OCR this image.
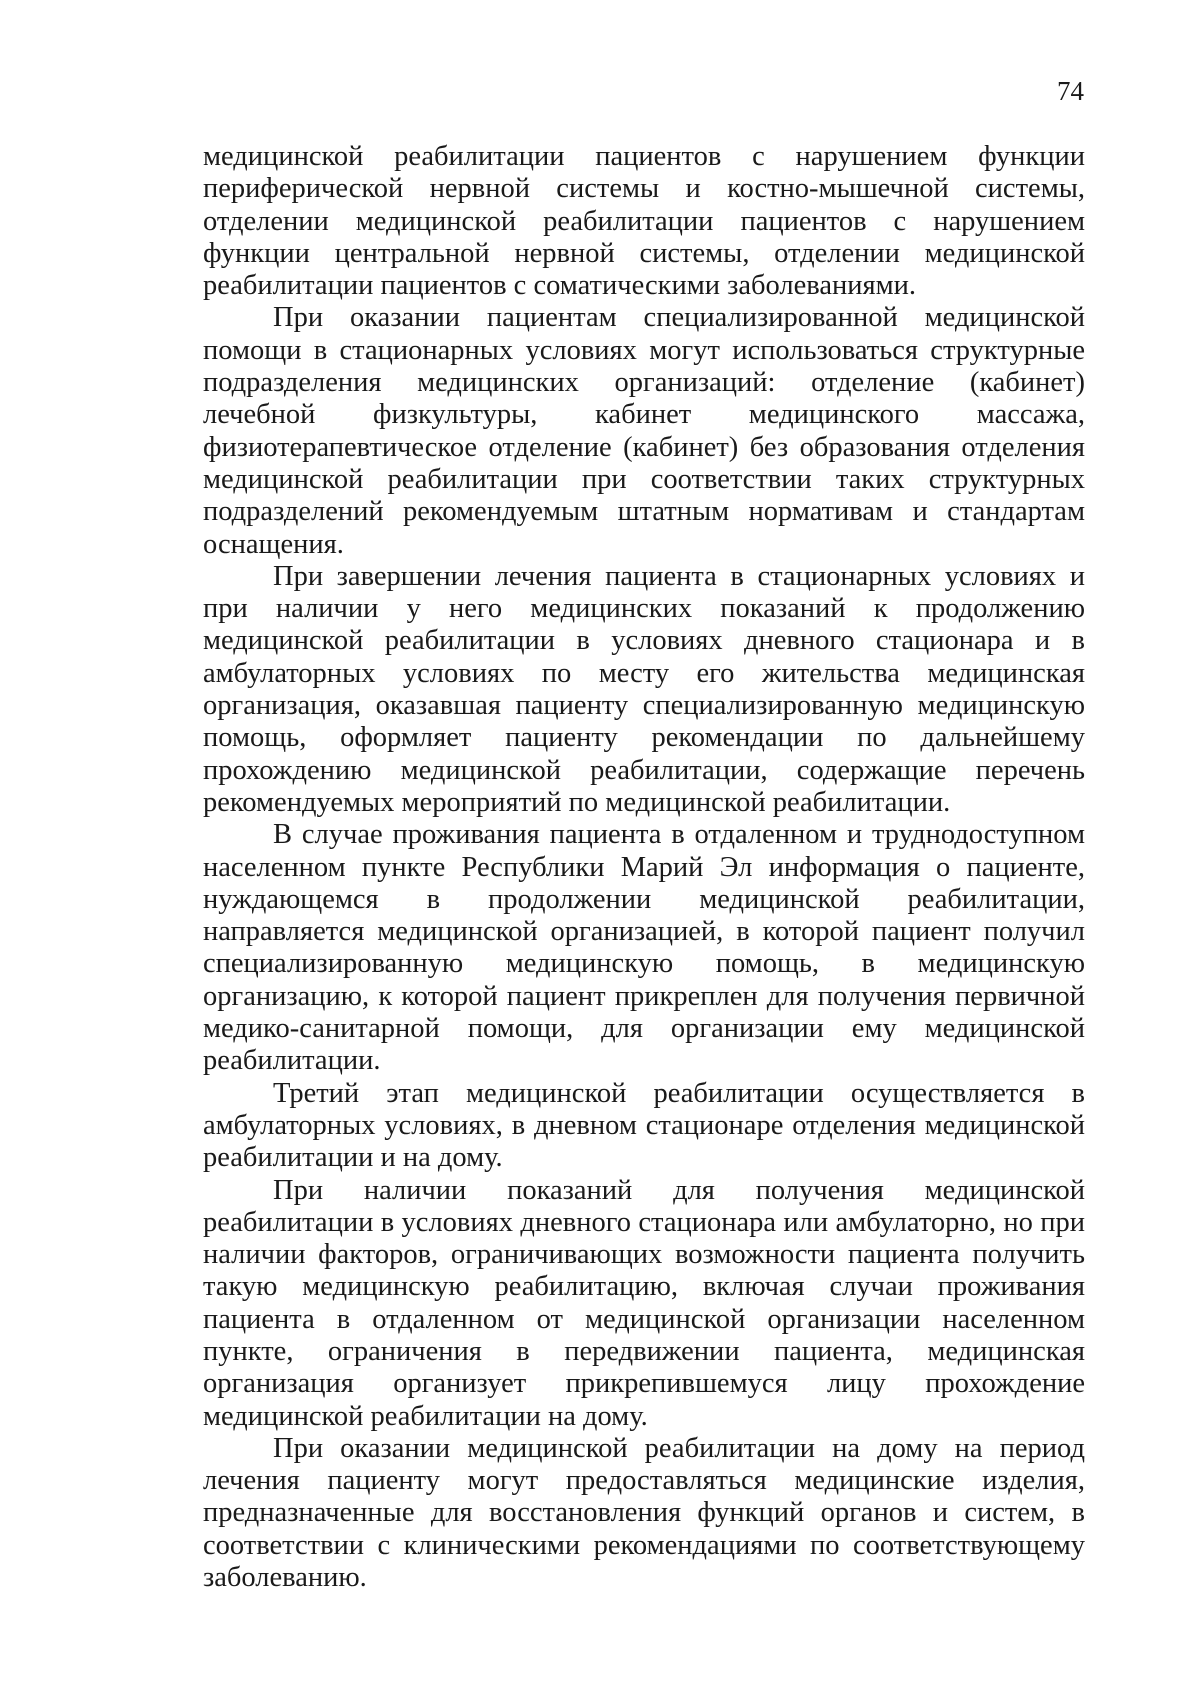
74

медицинской реабилитации пациентов с нарушением функции периферической нервной системы и костно-мышечной системы, отделении медицинской реабилитации пациентов с нарушением функции центральной нервной системы, отделении медицинской реабилитации пациентов с соматическими заболеваниями.

При оказании пациентам специализированной медицинской помощи в стационарных условиях могут использоваться структурные подразделения медицинских организаций: отделение (кабинет) лечебной физкультуры, кабинет медицинского массажа, физиотерапевтическое отделение (кабинет) без образования отделения медицинской реабилитации при соответствии таких структурных подразделений рекомендуемым штатным нормативам и стандартам оснащения.

При завершении лечения пациента в стационарных условиях и при наличии у него медицинских показаний к продолжению медицинской реабилитации в условиях дневного стационара и в амбулаторных условиях по месту его жительства медицинская организация, оказавшая пациенту специализированную медицинскую помощь, оформляет пациенту рекомендации по дальнейшему прохождению медицинской реабилитации, содержащие перечень рекомендуемых мероприятий по медицинской реабилитации.

В случае проживания пациента в отдаленном и труднодоступном населенном пункте Республики Марий Эл информация о пациенте, нуждающемся в продолжении медицинской реабилитации, направляется медицинской организацией, в которой пациент получил специализированную медицинскую помощь, в медицинскую организацию, к которой пациент прикреплен для получения первичной медико-санитарной помощи, для организации ему медицинской реабилитации.

Третий этап медицинской реабилитации осуществляется в амбулаторных условиях, в дневном стационаре отделения медицинской реабилитации и на дому.

При наличии показаний для получения медицинской реабилитации в условиях дневного стационара или амбулаторно, но при наличии факторов, ограничивающих возможности пациента получить такую медицинскую реабилитацию, включая случаи проживания пациента в отдаленном от медицинской организации населенном пункте, ограничения в передвижении пациента, медицинская организация организует прикрепившемуся лицу прохождение медицинской реабилитации на дому.

При оказании медицинской реабилитации на дому на период лечения пациенту могут предоставляться медицинские изделия, предназначенные для восстановления функций органов и систем, в соответствии с клиническими рекомендациями по соответствующему заболеванию.
